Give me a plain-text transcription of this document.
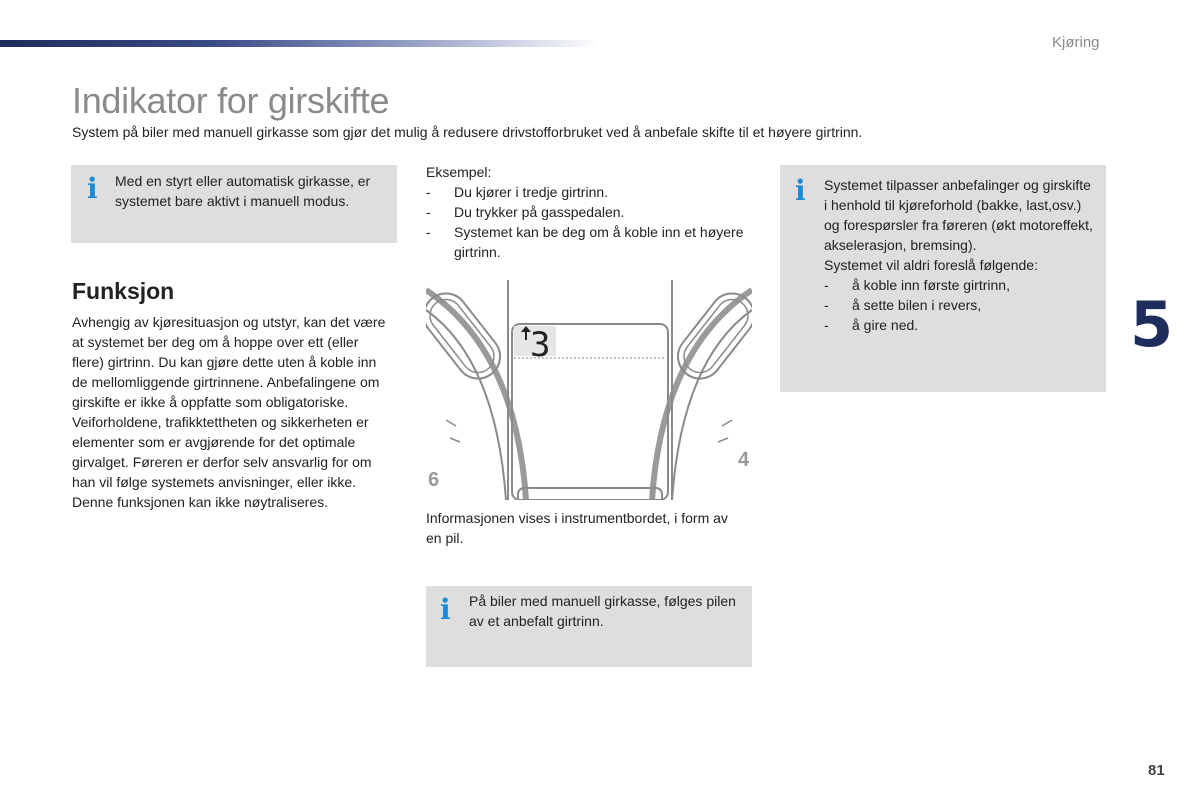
Kjøring
Indikator for girskifte
System på biler med manuell girkasse som gjør det mulig å redusere drivstofforbruket ved å anbefale skifte til et høyere girtrinn.
i Med en styrt eller automatisk girkasse, er systemet bare aktivt i manuell modus.
Funksjon
Avhengig av kjøresituasjon og utstyr, kan det være at systemet ber deg om å hoppe over ett (eller flere) girtrinn. Du kan gjøre dette uten å koble inn de mellomliggende girtrinnene. Anbefalingene om girskifte er ikke å oppfatte som obligatoriske. Veiforholdene, trafikktettheten og sikkerheten er elementer som er avgjørende for det optimale girvalget. Føreren er derfor selv ansvarlig for om han vil følge systemets anvisninger, eller ikke. Denne funksjonen kan ikke nøytraliseres.
Eksempel:
- Du kjører i tredje girtrinn.
- Du trykker på gasspedalen.
- Systemet kan be deg om å koble inn et høyere girtrinn.
3
6
4
Informasjonen vises i instrumentbordet, i form av en pil.
i På biler med manuell girkasse, følges pilen av et anbefalt girtrinn.
i Systemet tilpasser anbefalinger og girskifte i henhold til kjøreforhold (bakke, last,osv.) og forespørsler fra føreren (økt motoreffekt, akselerasjon, bremsing).
Systemet vil aldri foreslå følgende:
- å koble inn første girtrinn,
- å sette bilen i revers,
- å gire ned.	5
81
